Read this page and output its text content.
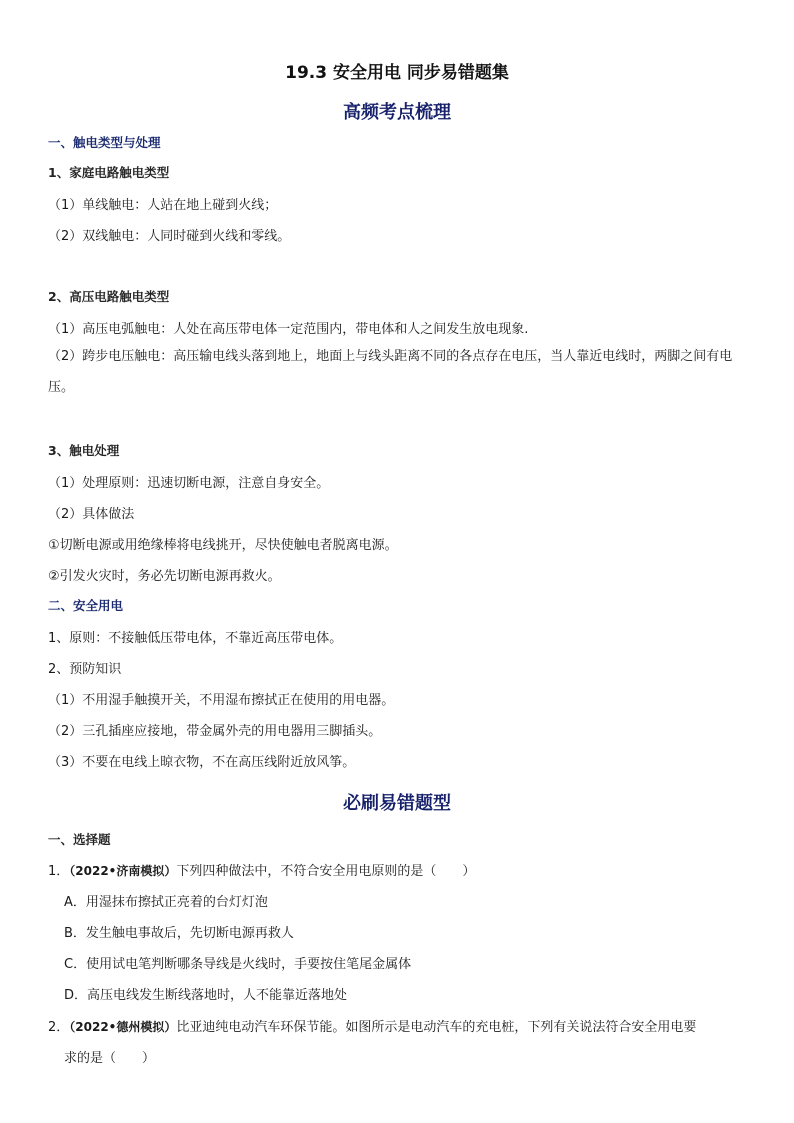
19.3 安全用电 同步易错题集
高频考点梳理
一、触电类型与处理
1、家庭电路触电类型
（1）单线触电：人站在地上碰到火线；
（2）双线触电：人同时碰到火线和零线。
2、高压电路触电类型
（1）高压电弧触电：人处在高压带电体一定范围内，带电体和人之间发生放电现象.
（2）跨步电压触电：高压输电线头落到地上，地面上与线头距离不同的各点存在电压，当人靠近电线时，两脚之间有电压。
3、触电处理
（1）处理原则：迅速切断电源，注意自身安全。
（2）具体做法
①切断电源或用绝缘棒将电线挑开，尽快使触电者脱离电源。
②引发火灾时，务必先切断电源再救火。
二、安全用电
1、原则：不接触低压带电体，不靠近高压带电体。
2、预防知识
（1）不用湿手触摸开关，不用湿布擦拭正在使用的用电器。
（2）三孔插座应接地，带金属外壳的用电器用三脚插头。
（3）不要在电线上晾衣物，不在高压线附近放风筝。
必刷易错题型
一、选择题
1．（2022•济南模拟）下列四种做法中，不符合安全用电原则的是（　　）
A．用湿抹布擦拭正亮着的台灯灯泡
B．发生触电事故后，先切断电源再救人
C．使用试电笔判断哪条导线是火线时，手要按住笔尾金属体
D．高压电线发生断线落地时，人不能靠近落地处
2．（2022•德州模拟）比亚迪纯电动汽车环保节能。如图所示是电动汽车的充电桩，下列有关说法符合安全用电要
求的是（　　）
